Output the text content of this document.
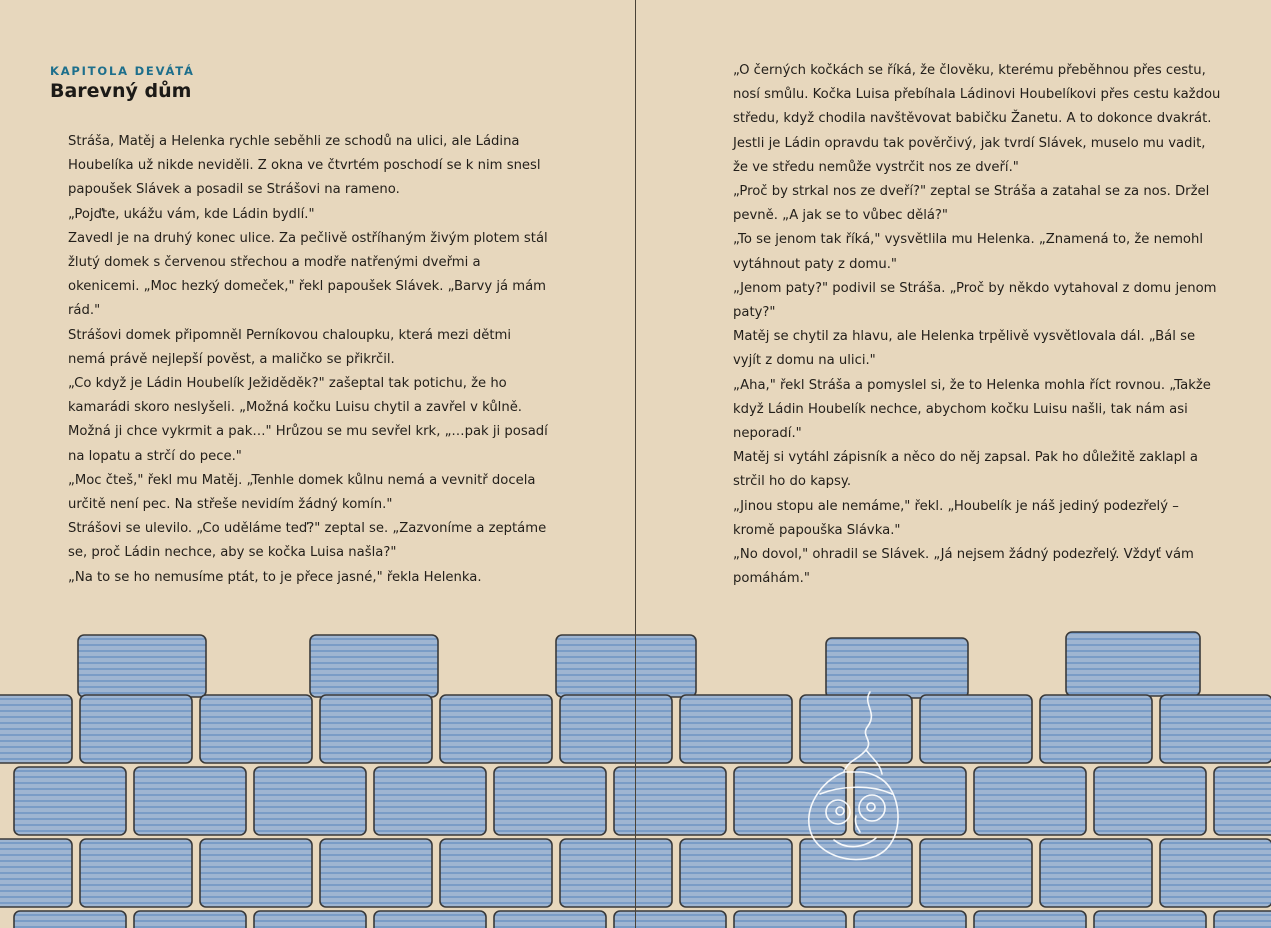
KAPITOLA DEVÁTÁ
Barevný dům

Stráša, Matěj a Helenka rychle seběhli ze schodů na ulici, ale Ládina Houbelíka už nikde neviděli. Z okna ve čtvrtém poschodí se k nim snesl papoušek Slávek a posadil se Strášovi na rameno.

„Pojďte, ukážu vám, kde Ládin bydlí."

Zavedl je na druhý konec ulice. Za pečlivě ostříhaným živým plotem stál žlutý domek s červenou střechou a modře natřenými dveřmi a okenicemi. „Moc hezký domeček," řekl papoušek Slávek. „Barvy já mám rád."

Strášovi domek připomněl Perníkovou chaloupku, která mezi dětmi nemá právě nejlepší pověst, a maličko se přikrčil.

„Co když je Ládin Houbelík Ježiděděk?" zašeptal tak potichu, že ho kamarádi skoro neslyšeli. „Možná kočku Luisu chytil a zavřel v kůlně. Možná ji chce vykrmit a pak…" Hrůzou se mu sevřel krk, „…pak ji posadí na lopatu a strčí do pece."

„Moc čteš," řekl mu Matěj. „Tenhle domek kůlnu nemá a vevnitř docela určitě není pec. Na střeše nevidím žádný komín."

Strášovi se ulevilo. „Co uděláme teď?" zeptal se. „Zazvoníme a zeptáme se, proč Ládin nechce, aby se kočka Luisa našla?"

„Na to se ho nemusíme ptát, to je přece jasné," řekla Helenka.

„O černých kočkách se říká, že člověku, kterému přeběhnou přes cestu, nosí smůlu. Kočka Luisa přebíhala Ládinovi Houbelíkovi přes cestu každou středu, když chodila navštěvovat babičku Žanetu. A to dokonce dvakrát. Jestli je Ládin opravdu tak pověrčivý, jak tvrdí Slávek, muselo mu vadit, že ve středu nemůže vystrčit nos ze dveří."

„Proč by strkal nos ze dveří?" zeptal se Stráša a zatahal se za nos. Držel pevně. „A jak se to vůbec dělá?"

„To se jenom tak říká," vysvětlila mu Helenka. „Znamená to, že nemohl vytáhnout paty z domu."

„Jenom paty?" podivil se Stráša. „Proč by někdo vytahoval z domu jenom paty?"

Matěj se chytil za hlavu, ale Helenka trpělivě vysvětlovala dál. „Bál se vyjít z domu na ulici."

„Aha," řekl Stráša a pomyslel si, že to Helenka mohla říct rovnou. „Takže když Ládin Houbelík nechce, abychom kočku Luisu našli, tak nám asi neporadí."

Matěj si vytáhl zápisník a něco do něj zapsal. Pak ho důležitě zaklapl a strčil ho do kapsy.

„Jinou stopu ale nemáme," řekl. „Houbelík je náš jediný podezřelý – kromě papouška Slávka."

„No dovol," ohradil se Slávek. „Já nejsem žádný podezřelý. Vždyť vám pomáhám."
